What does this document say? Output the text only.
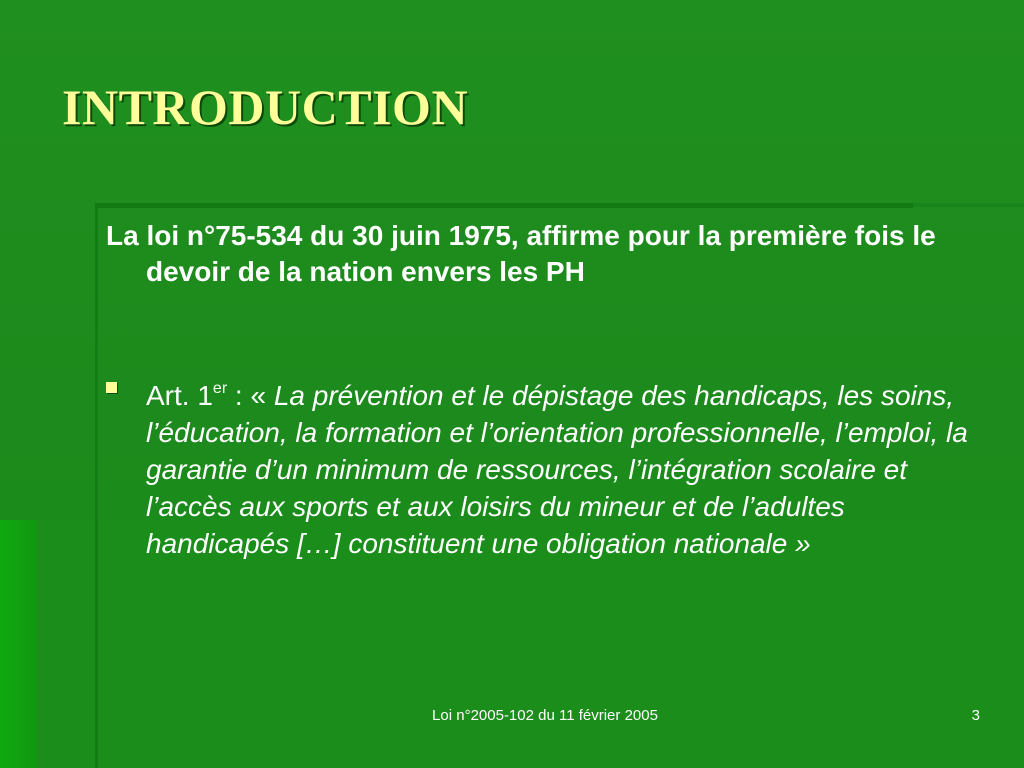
INTRODUCTION

La loi n°75-534 du 30 juin 1975, affirme pour la première fois le devoir de la nation envers les PH

Art. 1er : « La prévention et le dépistage des handicaps, les soins, l’éducation, la formation et l’orientation professionnelle, l’emploi, la garantie d’un minimum de ressources, l’intégration scolaire et l’accès aux sports et aux loisirs du mineur et de l’adultes handicapés […] constituent une obligation nationale »

Loi n°2005-102 du 11 février 2005	3
